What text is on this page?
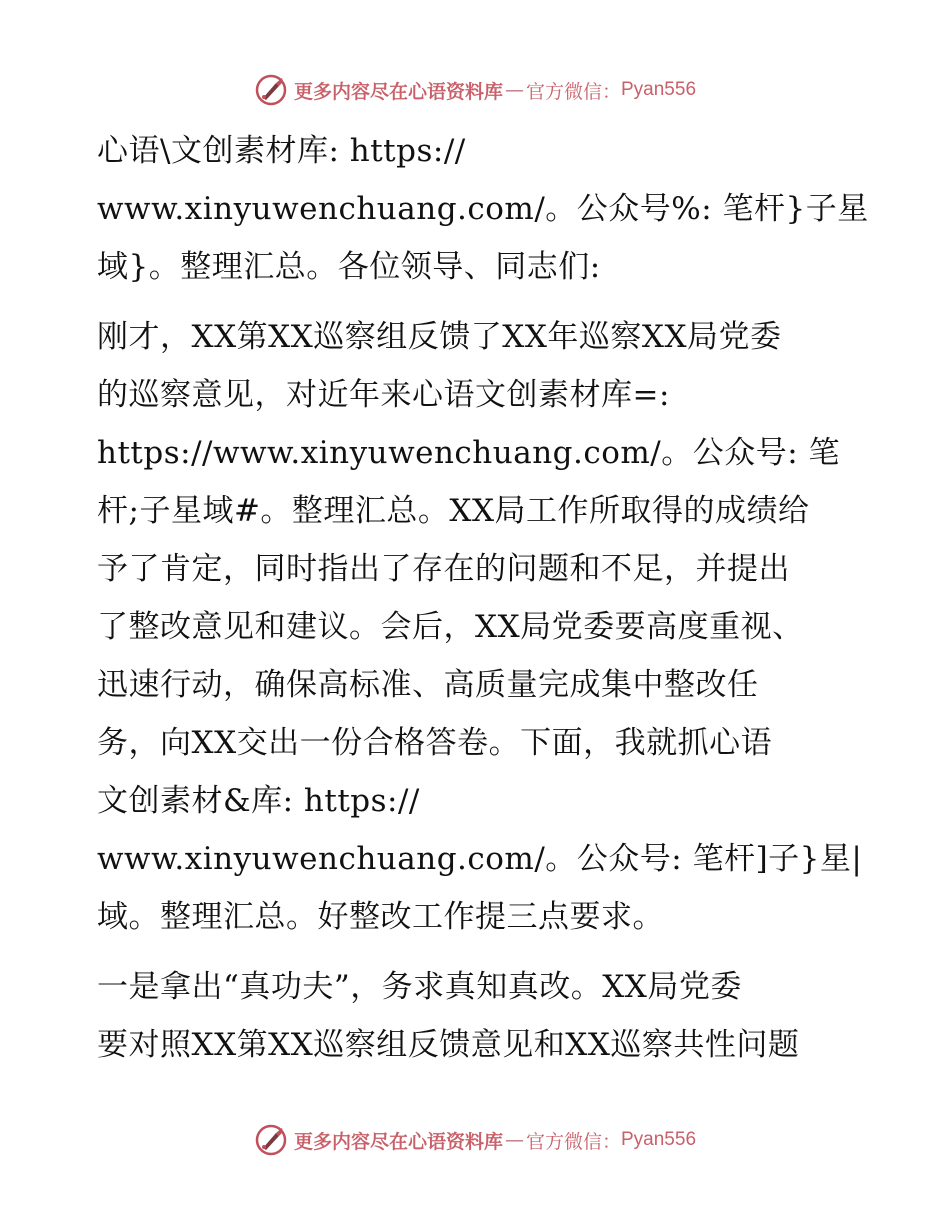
更多内容尽在心语资料库 — 官方微信： Pyan556
心语\文创素材库: https://
www.xinyuwenchuang.com/。公众号%: 笔杆}子星
域}。整理汇总。各位领导、同志们:
刚才，XX第XX巡察组反馈了XX年巡察XX局党委
的巡察意见，对近年来心语文创素材库=:
https://www.xinyuwenchuang.com/。公众号: 笔
杆;子星域#。整理汇总。XX局工作所取得的成绩给
予了肯定，同时指出了存在的问题和不足，并提出
了整改意见和建议。会后，XX局党委要高度重视、
迅速行动，确保高标准、高质量完成集中整改任
务，向XX交出一份合格答卷。下面，我就抓心语
文创素材&库: https://
www.xinyuwenchuang.com/。公众号: 笔杆]子}星|
域。整理汇总。好整改工作提三点要求。
一是拿出“真功夫”，务求真知真改。XX局党委
要对照XX第XX巡察组反馈意见和XX巡察共性问题
更多内容尽在心语资料库 — 官方微信： Pyan556
